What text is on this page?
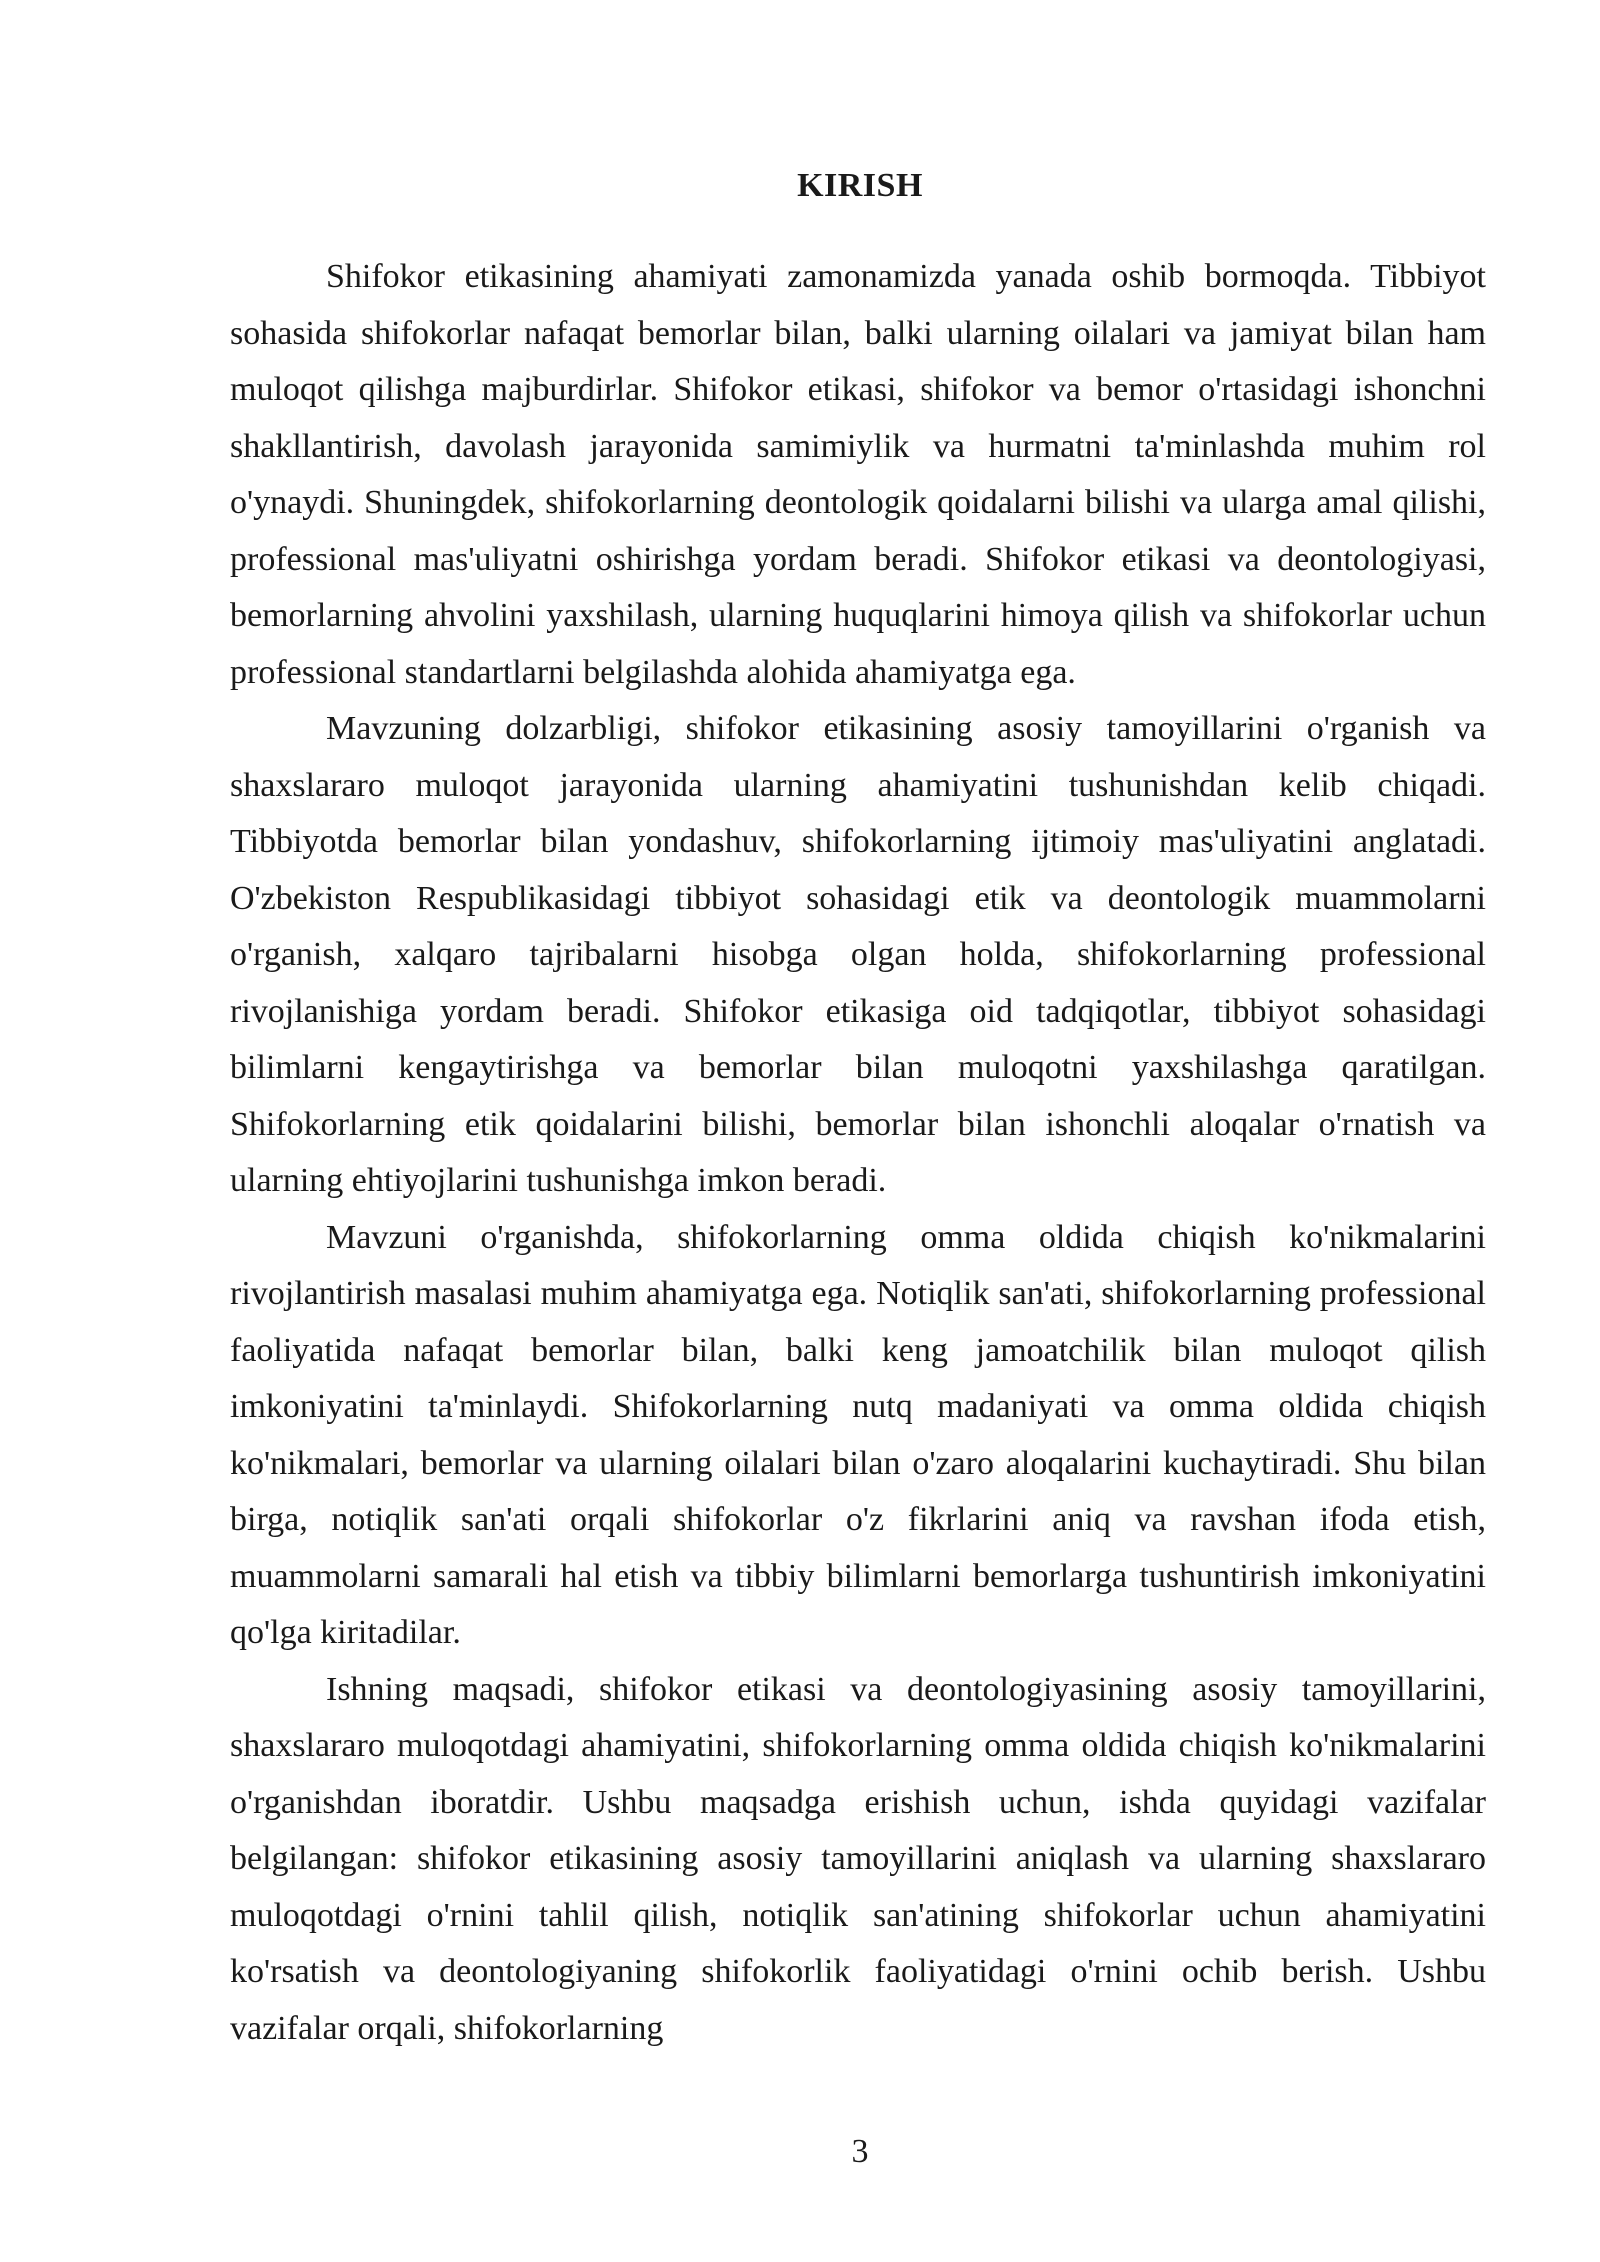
KIRISH

Shifokor etikasining ahamiyati zamonamizda yanada oshib bormoqda. Tibbiyot sohasida shifokorlar nafaqat bemorlar bilan, balki ularning oilalari va jamiyat bilan ham muloqot qilishga majburdirlar. Shifokor etikasi, shifokor va bemor o'rtasidagi ishonchni shakllantirish, davolash jarayonida samimiylik va hurmatni ta'minlashda muhim rol o'ynaydi. Shuningdek, shifokorlarning deontologik qoidalarni bilishi va ularga amal qilishi, professional mas'uliyatni oshirishga yordam beradi. Shifokor etikasi va deontologiyasi, bemorlarning ahvolini yaxshilash, ularning huquqlarini himoya qilish va shifokorlar uchun professional standartlarni belgilashda alohida ahamiyatga ega.

Mavzuning dolzarbligi, shifokor etikasining asosiy tamoyillarini o'rganish va shaxslararo muloqot jarayonida ularning ahamiyatini tushunishdan kelib chiqadi. Tibbiyotda bemorlar bilan yondashuv, shifokorlarning ijtimoiy mas'uliyatini anglatadi. O'zbekiston Respublikasidagi tibbiyot sohasidagi etik va deontologik muammolarni o'rganish, xalqaro tajribalarni hisobga olgan holda, shifokorlarning professional rivojlanishiga yordam beradi. Shifokor etikasiga oid tadqiqotlar, tibbiyot sohasidagi bilimlarni kengaytirishga va bemorlar bilan muloqotni yaxshilashga qaratilgan. Shifokorlarning etik qoidalarini bilishi, bemorlar bilan ishonchli aloqalar o'rnatish va ularning ehtiyojlarini tushunishga imkon beradi.

Mavzuni o'rganishda, shifokorlarning omma oldida chiqish ko'nikmalarini rivojlantirish masalasi muhim ahamiyatga ega. Notiqlik san'ati, shifokorlarning professional faoliyatida nafaqat bemorlar bilan, balki keng jamoatchilik bilan muloqot qilish imkoniyatini ta'minlaydi. Shifokorlarning nutq madaniyati va omma oldida chiqish ko'nikmalari, bemorlar va ularning oilalari bilan o'zaro aloqalarini kuchaytiradi. Shu bilan birga, notiqlik san'ati orqali shifokorlar o'z fikrlarini aniq va ravshan ifoda etish, muammolarni samarali hal etish va tibbiy bilimlarni bemorlarga tushuntirish imkoniyatini qo'lga kiritadilar.

Ishning maqsadi, shifokor etikasi va deontologiyasining asosiy tamoyillarini, shaxslararo muloqotdagi ahamiyatini, shifokorlarning omma oldida chiqish ko'nikmalarini o'rganishdan iboratdir. Ushbu maqsadga erishish uchun, ishda quyidagi vazifalar belgilangan: shifokor etikasining asosiy tamoyillarini aniqlash va ularning shaxslararo muloqotdagi o'rnini tahlil qilish, notiqlik san'atining shifokorlar uchun ahamiyatini ko'rsatish va deontologiyaning shifokorlik faoliyatidagi o'rnini ochib berish. Ushbu vazifalar orqali, shifokorlarning

3
